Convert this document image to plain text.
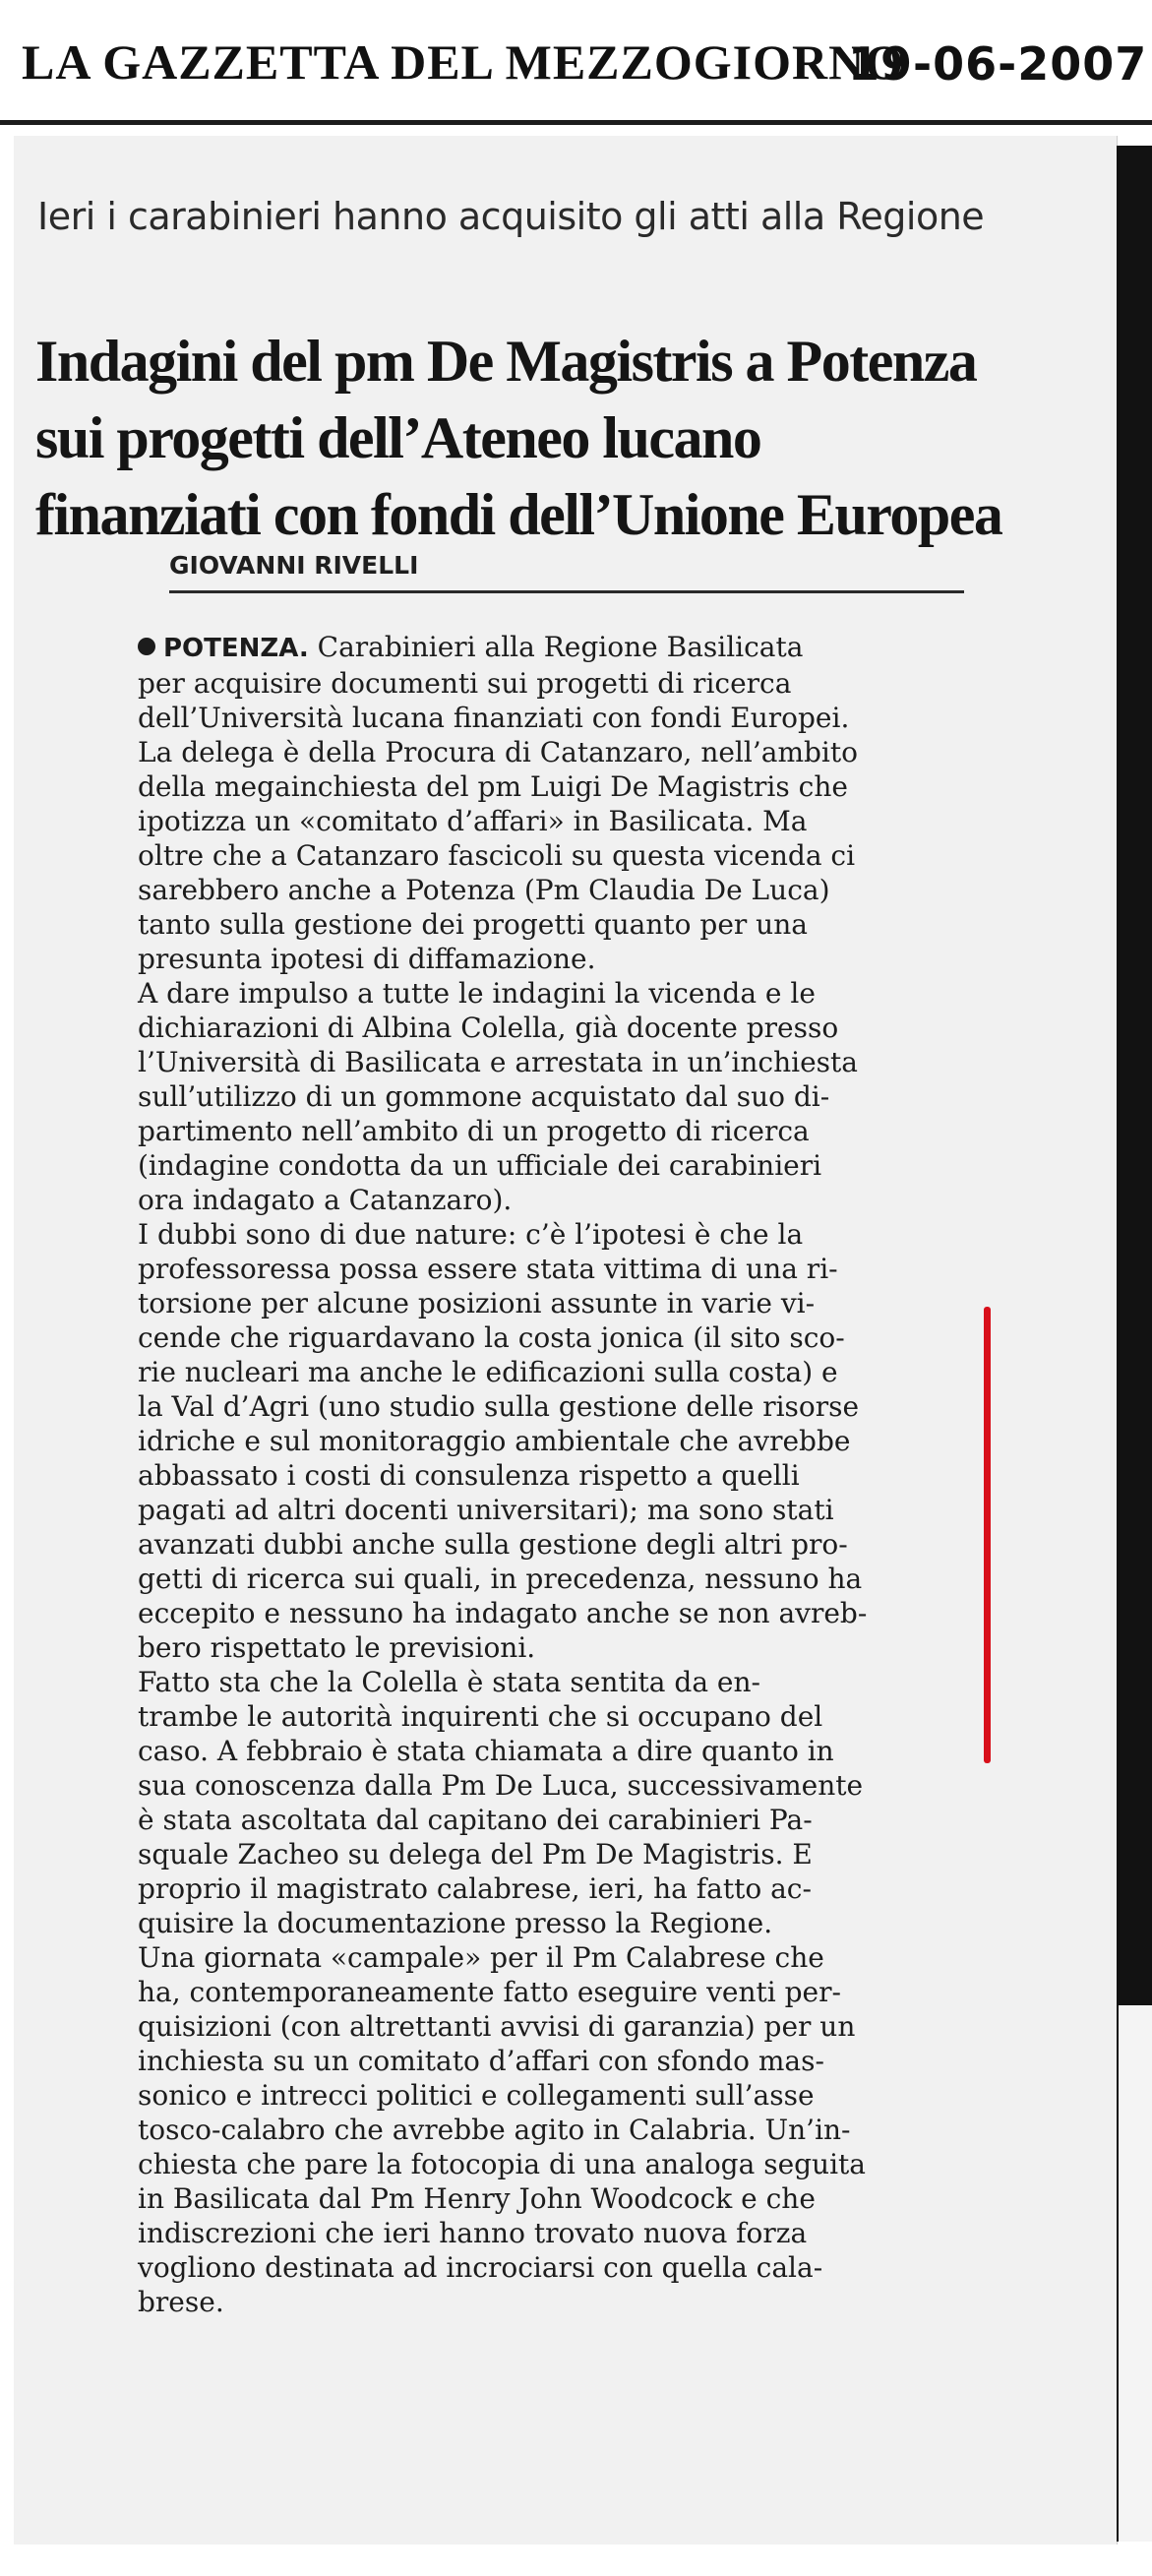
LA GAZZETTA DEL MEZZOGIORNO
19-06-2007
Ieri i carabinieri hanno acquisito gli atti alla Regione
Indagini del pm De Magistris a Potenza
sui progetti dell’Ateneo lucano
finanziati con fondi dell’Unione Europea
GIOVANNI RIVELLI

POTENZA. Carabinieri alla Regione Basilicata
per acquisire documenti sui progetti di ricerca
dell’Università lucana finanziati con fondi Europei.
La delega è della Procura di Catanzaro, nell’ambito
della megainchiesta del pm Luigi De Magistris che
ipotizza un «comitato d’affari» in Basilicata. Ma
oltre che a Catanzaro fascicoli su questa vicenda ci
sarebbero anche a Potenza (Pm Claudia De Luca)
tanto sulla gestione dei progetti quanto per una
presunta ipotesi di diffamazione.

A dare impulso a tutte le indagini la vicenda e le
dichiarazioni di Albina Colella, già docente presso
l’Università di Basilicata e arrestata in un’inchiesta
sull’utilizzo di un gommone acquistato dal suo di-
partimento nell’ambito di un progetto di ricerca
(indagine condotta da un ufficiale dei carabinieri
ora indagato a Catanzaro).

I dubbi sono di due nature: c’è l’ipotesi è che la
professoressa possa essere stata vittima di una ri-
torsione per alcune posizioni assunte in varie vi-
cende che riguardavano la costa jonica (il sito sco-
rie nucleari ma anche le edificazioni sulla costa) e
la Val d’Agri (uno studio sulla gestione delle risorse
idriche e sul monitoraggio ambientale che avrebbe
abbassato i costi di consulenza rispetto a quelli
pagati ad altri docenti universitari); ma sono stati
avanzati dubbi anche sulla gestione degli altri pro-
getti di ricerca sui quali, in precedenza, nessuno ha
eccepito e nessuno ha indagato anche se non avreb-
bero rispettato le previsioni.

Fatto sta che la Colella è stata sentita da en-
trambe le autorità inquirenti che si occupano del
caso. A febbraio è stata chiamata a dire quanto in
sua conoscenza dalla Pm De Luca, successivamente
è stata ascoltata dal capitano dei carabinieri Pa-
squale Zacheo su delega del Pm De Magistris. E
proprio il magistrato calabrese, ieri, ha fatto ac-
quisire la documentazione presso la Regione.

Una giornata «campale» per il Pm Calabrese che
ha, contemporaneamente fatto eseguire venti per-
quisizioni (con altrettanti avvisi di garanzia) per un
inchiesta su un comitato d’affari con sfondo mas-
sonico e intrecci politici e collegamenti sull’asse
tosco-calabro che avrebbe agito in Calabria. Un’in-
chiesta che pare la fotocopia di una analoga seguita
in Basilicata dal Pm Henry John Woodcock e che
indiscrezioni che ieri hanno trovato nuova forza
vogliono destinata ad incrociarsi con quella cala-
brese.
